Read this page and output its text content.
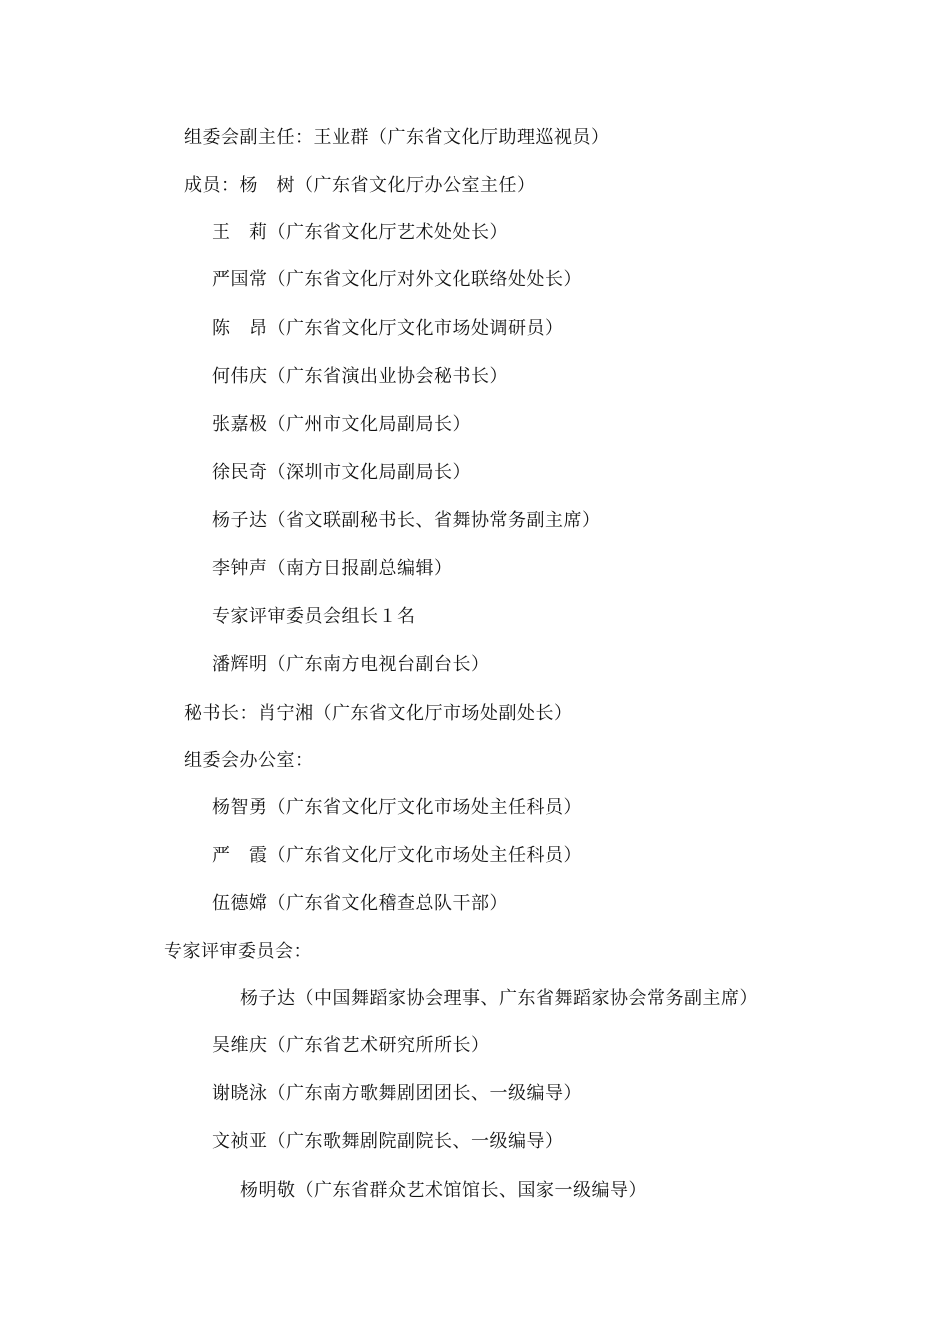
组委会副主任：王业群（广东省文化厅助理巡视员）
成员：杨　树（广东省文化厅办公室主任）
王　莉（广东省文化厅艺术处处长）
严国常（广东省文化厅对外文化联络处处长）
陈　昂（广东省文化厅文化市场处调研员）
何伟庆（广东省演出业协会秘书长）
张嘉极（广州市文化局副局长）
徐民奇（深圳市文化局副局长）
杨子达（省文联副秘书长、省舞协常务副主席）
李钟声（南方日报副总编辑）
专家评审委员会组长１名
潘辉明（广东南方电视台副台长）
秘书长：肖宁湘（广东省文化厅市场处副处长）
组委会办公室：
杨智勇（广东省文化厅文化市场处主任科员）
严　霞（广东省文化厅文化市场处主任科员）
伍德嫦（广东省文化稽查总队干部）
专家评审委员会：
杨子达（中国舞蹈家协会理事、广东省舞蹈家协会常务副主席）
吴维庆（广东省艺术研究所所长）
谢晓泳（广东南方歌舞剧团团长、一级编导）
文祯亚（广东歌舞剧院副院长、一级编导）
杨明敬（广东省群众艺术馆馆长、国家一级编导）
